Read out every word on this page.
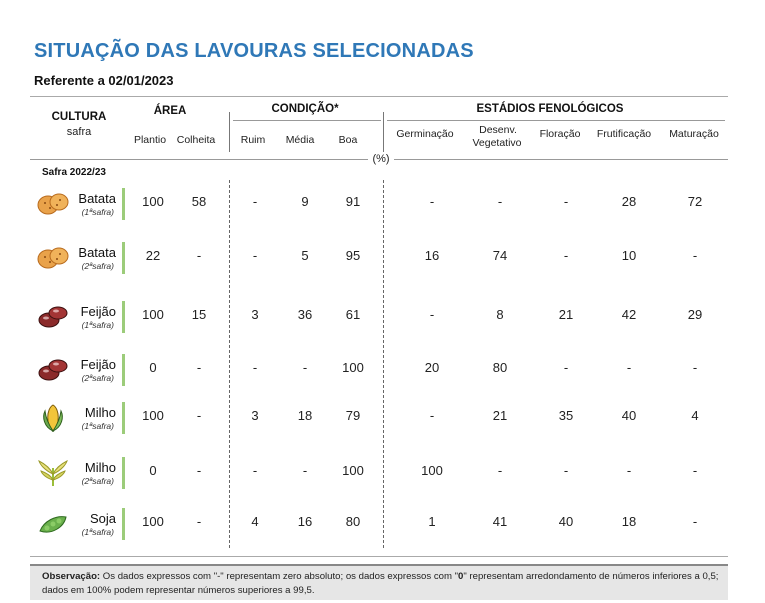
SITUAÇÃO DAS LAVOURAS SELECIONADAS
Referente a 02/01/2023
CULTURA
safra
ÁREA
Plantio	Colheita
CONDIÇÃO*
Ruim	Média	Boa
ESTÁDIOS FENOLÓGICOS
Germinação	Desenv.
Vegetativo
Floração	Frutificação	Maturação
(%)
Safra 2022/23
Batata
(1ªsafra)
100	58	-	9	91	-	-	-	28	72
Batata
(2ªsafra)
22	-	-	5	95	16	74	-	10	-
Feijão
(1ªsafra)
100	15	3	36	61	-	8	21	42	29
Feijão
(2ªsafra)
0	-	-	-	100	20	80	-	-	-
Milho
(1ªsafra)
100	-	3	18	79	-	21	35	40	4
Milho
(2ªsafra)
0	-	-	-	100	100	-	-	-	-
Soja
(1ªsafra)
100	-	4	16	80	1	41	40	18	-
Observação: Os dados expressos com "-" representam zero absoluto; os dados expressos com "0" representam arredondamento de números inferiores a 0,5; dados em 100% podem representar números superiores a 99,5.
